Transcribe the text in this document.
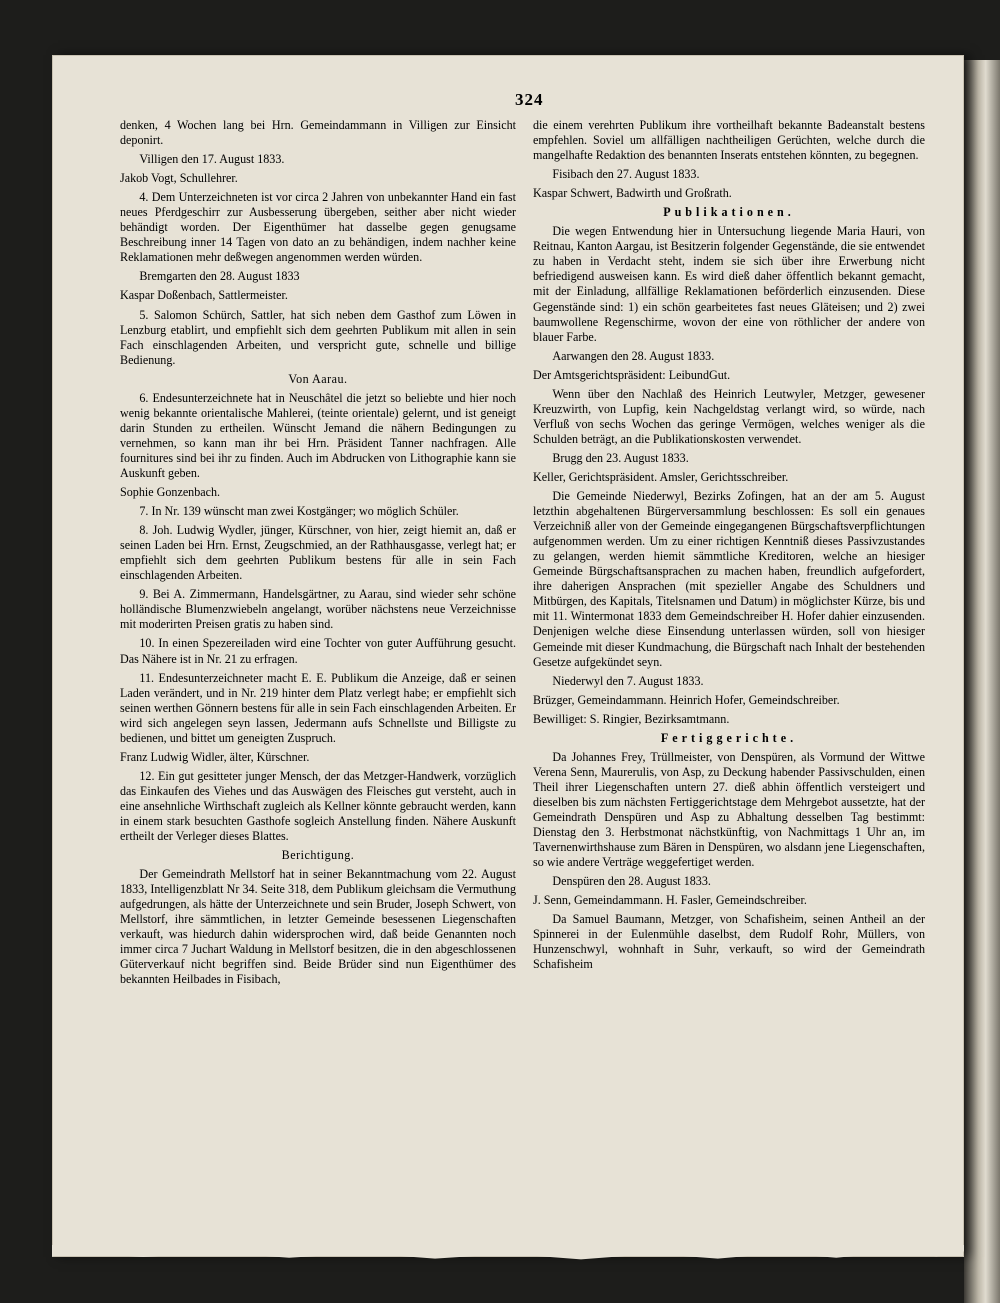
324

denken, 4 Wochen lang bei Hrn. Gemeindammann in Villigen zur Einsicht deponirt.

Villigen den 17. August 1833.

Jakob Vogt, Schullehrer.

4. Dem Unterzeichneten ist vor circa 2 Jahren von unbekannter Hand ein fast neues Pferdgeschirr zur Ausbesserung übergeben, seither aber nicht wieder behändigt worden. Der Eigenthümer hat dasselbe gegen genugsame Beschreibung inner 14 Tagen von dato an zu behändigen, indem nachher keine Reklamationen mehr deßwegen angenommen werden würden.

Bremgarten den 28. August 1833

Kaspar Doßenbach, Sattlermeister.

5. Salomon Schürch, Sattler, hat sich neben dem Gasthof zum Löwen in Lenzburg etablirt, und empfiehlt sich dem geehrten Publikum mit allen in sein Fach einschlagenden Arbeiten, und verspricht gute, schnelle und billige Bedienung.

Von Aarau.

6. Endesunterzeichnete hat in Neuschâtel die jetzt so beliebte und hier noch wenig bekannte orientalische Mahlerei, (teinte orientale) gelernt, und ist geneigt darin Stunden zu ertheilen. Wünscht Jemand die nähern Bedingungen zu vernehmen, so kann man ihr bei Hrn. Präsident Tanner nachfragen. Alle fournitures sind bei ihr zu finden. Auch im Abdrucken von Lithographie kann sie Auskunft geben.

Sophie Gonzenbach.

7. In Nr. 139 wünscht man zwei Kostgänger; wo möglich Schüler.

8. Joh. Ludwig Wydler, jünger, Kürschner, von hier, zeigt hiemit an, daß er seinen Laden bei Hrn. Ernst, Zeugschmied, an der Rathhausgasse, verlegt hat; er empfiehlt sich dem geehrten Publikum bestens für alle in sein Fach einschlagenden Arbeiten.

9. Bei A. Zimmermann, Handelsgärtner, zu Aarau, sind wieder sehr schöne holländische Blumenzwiebeln angelangt, worüber nächstens neue Verzeichnisse mit moderirten Preisen gratis zu haben sind.

10. In einen Spezereiladen wird eine Tochter von guter Aufführung gesucht. Das Nähere ist in Nr. 21 zu erfragen.

11. Endesunterzeichneter macht E. E. Publikum die Anzeige, daß er seinen Laden verändert, und in Nr. 219 hinter dem Platz verlegt habe; er empfiehlt sich seinen werthen Gönnern bestens für alle in sein Fach einschlagenden Arbeiten. Er wird sich angelegen seyn lassen, Jedermann aufs Schnellste und Billigste zu bedienen, und bittet um geneigten Zuspruch.

Franz Ludwig Widler, älter, Kürschner.

12. Ein gut gesitteter junger Mensch, der das Metzger-Handwerk, vorzüglich das Einkaufen des Viehes und das Auswägen des Fleisches gut versteht, auch in eine ansehnliche Wirthschaft zugleich als Kellner könnte gebraucht werden, kann in einem stark besuchten Gasthofe sogleich Anstellung finden. Nähere Auskunft ertheilt der Verleger dieses Blattes.

Berichtigung.

Der Gemeindrath Mellstorf hat in seiner Bekanntmachung vom 22. August 1833, Intelligenzblatt Nr 34. Seite 318, dem Publikum gleichsam die Vermuthung aufgedrungen, als hätte der Unterzeichnete und sein Bruder, Joseph Schwert, von Mellstorf, ihre sämmtlichen, in letzter Gemeinde besessenen Liegenschaften verkauft, was hiedurch dahin widersprochen wird, daß beide Genannten noch immer circa 7 Juchart Waldung in Mellstorf besitzen, die in den abgeschlossenen Güterverkauf nicht begriffen sind. Beide Brüder sind nun Eigenthümer des bekannten Heilbades in Fisibach,

die einem verehrten Publikum ihre vortheilhaft bekannte Badeanstalt bestens empfehlen. Soviel um allfälligen nachtheiligen Gerüchten, welche durch die mangelhafte Redaktion des benannten Inserats entstehen könnten, zu begegnen.

Fisibach den 27. August 1833.

Kaspar Schwert, Badwirth und Großrath.

Publikationen.

Die wegen Entwendung hier in Untersuchung liegende Maria Hauri, von Reitnau, Kanton Aargau, ist Besitzerin folgender Gegenstände, die sie entwendet zu haben in Verdacht steht, indem sie sich über ihre Erwerbung nicht befriedigend ausweisen kann. Es wird dieß daher öffentlich bekannt gemacht, mit der Einladung, allfällige Reklamationen beförderlich einzusenden. Diese Gegenstände sind: 1) ein schön gearbeitetes fast neues Gläteisen; und 2) zwei baumwollene Regenschirme, wovon der eine von röthlicher der andere von blauer Farbe.

Aarwangen den 28. August 1833.

Der Amtsgerichtspräsident: LeibundGut.

Wenn über den Nachlaß des Heinrich Leutwyler, Metzger, gewesener Kreuzwirth, von Lupfig, kein Nachgeldstag verlangt wird, so würde, nach Verfluß von sechs Wochen das geringe Vermögen, welches weniger als die Schulden beträgt, an die Publikationskosten verwendet.

Brugg den 23. August 1833.

Keller, Gerichtspräsident. Amsler, Gerichtsschreiber.

Die Gemeinde Niederwyl, Bezirks Zofingen, hat an der am 5. August letzthin abgehaltenen Bürgerversammlung beschlossen: Es soll ein genaues Verzeichniß aller von der Gemeinde eingegangenen Bürgschaftsverpflichtungen aufgenommen werden. Um zu einer richtigen Kenntniß dieses Passivzustandes zu gelangen, werden hiemit sämmtliche Kreditoren, welche an hiesiger Gemeinde Bürgschaftsansprachen zu machen haben, freundlich aufgefordert, ihre daherigen Ansprachen (mit spezieller Angabe des Schuldners und Mitbürgen, des Kapitals, Titelsnamen und Datum) in möglichster Kürze, bis und mit 11. Wintermonat 1833 dem Gemeindschreiber H. Hofer dahier einzusenden. Denjenigen welche diese Einsendung unterlassen würden, soll von hiesiger Gemeinde mit dieser Kundmachung, die Bürgschaft nach Inhalt der bestehenden Gesetze aufgekündet seyn.

Niederwyl den 7. August 1833.

Brüzger, Gemeindammann. Heinrich Hofer, Gemeindschreiber.

Bewilliget: S. Ringier, Bezirksamtmann.

Fertiggerichte.

Da Johannes Frey, Trüllmeister, von Denspüren, als Vormund der Wittwe Verena Senn, Maurerulis, von Asp, zu Deckung habender Passivschulden, einen Theil ihrer Liegenschaften untern 27. dieß abhin öffentlich versteigert und dieselben bis zum nächsten Fertiggerichtstage dem Mehrgebot aussetzte, hat der Gemeindrath Denspüren und Asp zu Abhaltung desselben Tag bestimmt: Dienstag den 3. Herbstmonat nächstkünftig, von Nachmittags 1 Uhr an, im Tavernenwirthshause zum Bären in Denspüren, wo alsdann jene Liegenschaften, so wie andere Verträge weggefertiget werden.

Denspüren den 28. August 1833.

J. Senn, Gemeindammann. H. Fasler, Gemeindschreiber.

Da Samuel Baumann, Metzger, von Schafisheim, seinen Antheil an der Spinnerei in der Eulenmühle daselbst, dem Rudolf Rohr, Müllers, von Hunzenschwyl, wohnhaft in Suhr, verkauft, so wird der Gemeindrath Schafisheim
